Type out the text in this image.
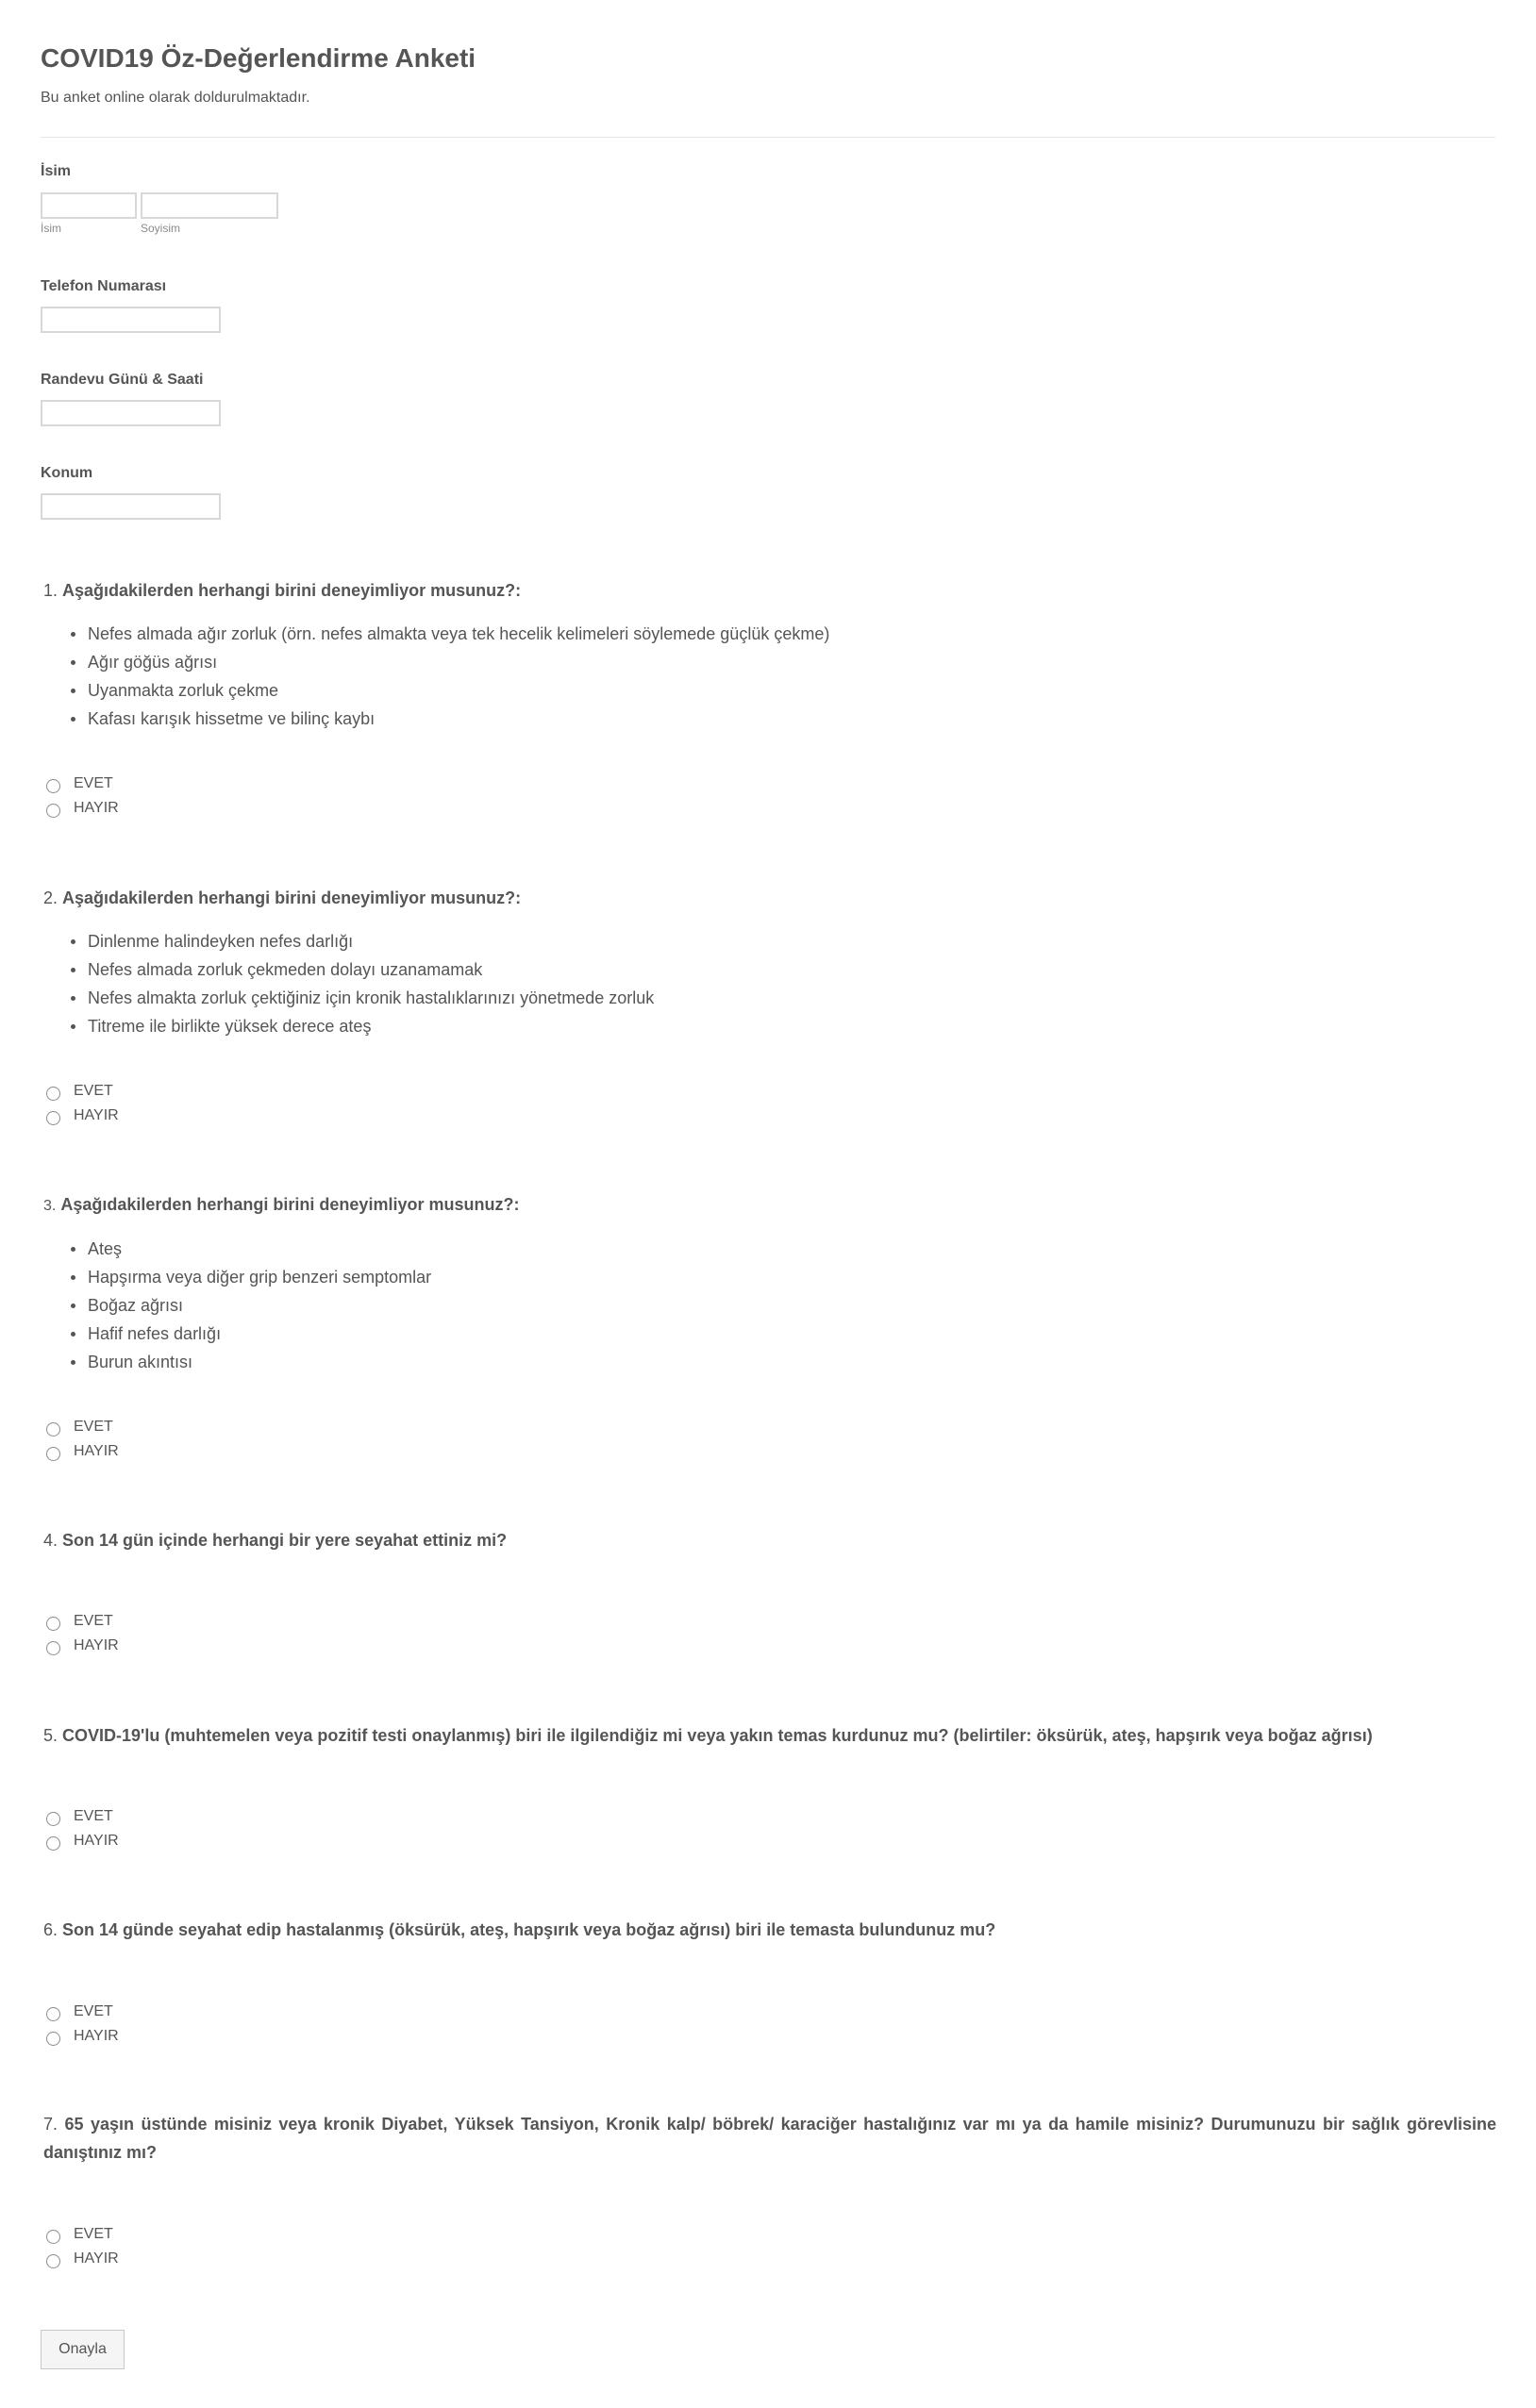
COVID19 Öz-Değerlendirme Anketi

Bu anket online olarak doldurulmaktadır.

İsim
İsim	Soyisim
Telefon Numarası
Randevu Günü & Saati
Konum
1. Aşağıdakilerden herhangi birini deneyimliyor musunuz?:
Nefes almada ağır zorluk (örn. nefes almakta veya tek hecelik kelimeleri söylemede güçlük çekme)
Ağır göğüs ağrısı
Uyanmakta zorluk çekme
Kafası karışık hissetme ve bilinç kaybı
EVET
HAYIR
2. Aşağıdakilerden herhangi birini deneyimliyor musunuz?:
Dinlenme halindeyken nefes darlığı
Nefes almada zorluk çekmeden dolayı uzanamamak
Nefes almakta zorluk çektiğiniz için kronik hastalıklarınızı yönetmede zorluk
Titreme ile birlikte yüksek derece ateş
EVET
HAYIR
3. Aşağıdakilerden herhangi birini deneyimliyor musunuz?:
Ateş
Hapşırma veya diğer grip benzeri semptomlar
Boğaz ağrısı
Hafif nefes darlığı
Burun akıntısı
EVET
HAYIR
4. Son 14 gün içinde herhangi bir yere seyahat ettiniz mi?
EVET
HAYIR
5. COVID-19'lu (muhtemelen veya pozitif testi onaylanmış) biri ile ilgilendiğiz mi veya yakın temas kurdunuz mu? (belirtiler: öksürük, ateş, hapşırık veya boğaz ağrısı)
EVET
HAYIR
6. Son 14 günde seyahat edip hastalanmış (öksürük, ateş, hapşırık veya boğaz ağrısı) biri ile temasta bulundunuz mu?
EVET
HAYIR
7. 65 yaşın üstünde misiniz veya kronik Diyabet, Yüksek Tansiyon, Kronik kalp/ böbrek/ karaciğer hastalığınız var mı ya da hamile misiniz? Durumunuzu bir sağlık görevlisine danıştınız mı?
EVET
HAYIR
Onayla
